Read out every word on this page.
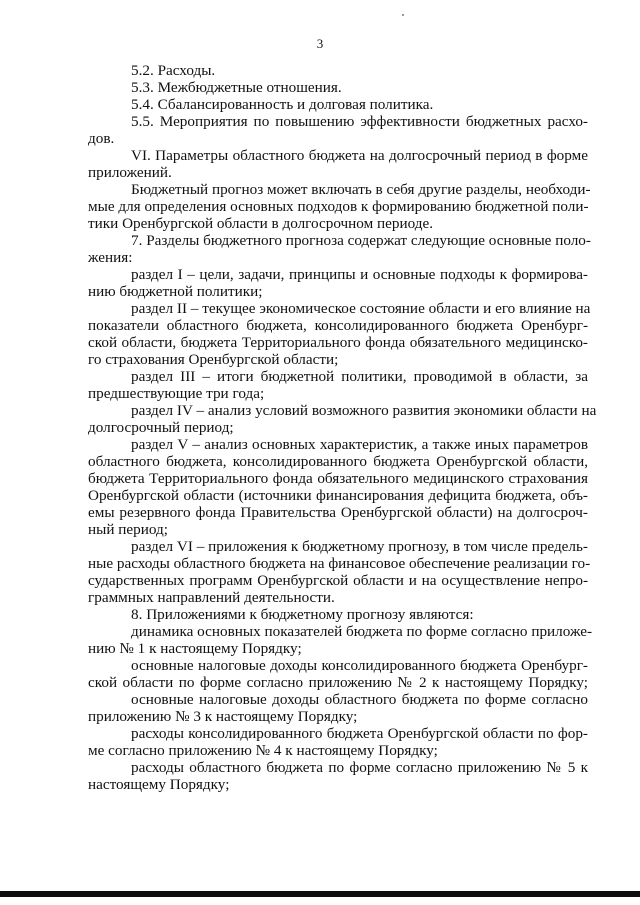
3
5.2. Расходы.
5.3. Межбюджетные отношения.
5.4. Сбалансированность и долговая политика.
5.5. Мероприятия по повышению эффективности бюджетных расхо-
дов.
VI. Параметры областного бюджета на долгосрочный период в форме
приложений.
Бюджетный прогноз может включать в себя другие разделы, необходи-
мые для определения основных подходов к формированию бюджетной поли-
тики Оренбургской области в долгосрочном периоде.
7. Разделы бюджетного прогноза содержат следующие основные поло-
жения:
раздел I – цели, задачи, принципы и основные подходы к формирова-
нию бюджетной политики;
раздел II – текущее экономическое состояние области и его влияние на
показатели областного бюджета, консолидированного бюджета Оренбург-
ской области, бюджета Территориального фонда обязательного медицинско-
го страхования Оренбургской области;
раздел III – итоги бюджетной политики, проводимой в области, за
предшествующие три года;
раздел IV – анализ условий возможного развития экономики области на
долгосрочный период;
раздел V – анализ основных характеристик, а также иных параметров
областного бюджета, консолидированного бюджета Оренбургской области,
бюджета Территориального фонда обязательного медицинского страхования
Оренбургской области (источники финансирования дефицита бюджета, объ-
емы резервного фонда Правительства Оренбургской области) на долгосроч-
ный период;
раздел VI – приложения к бюджетному прогнозу, в том числе предель-
ные расходы областного бюджета на финансовое обеспечение реализации го-
сударственных программ Оренбургской области и на осуществление непро-
граммных направлений деятельности.
8. Приложениями к бюджетному прогнозу являются:
динамика основных показателей бюджета по форме согласно приложе-
нию № 1 к настоящему Порядку;
основные налоговые доходы консолидированного бюджета Оренбург-
ской области по форме согласно приложению № 2 к настоящему Порядку;
основные налоговые доходы областного бюджета по форме согласно
приложению № 3 к настоящему Порядку;
расходы консолидированного бюджета Оренбургской области по фор-
ме согласно приложению № 4 к настоящему Порядку;
расходы областного бюджета по форме согласно приложению № 5 к
настоящему Порядку;
